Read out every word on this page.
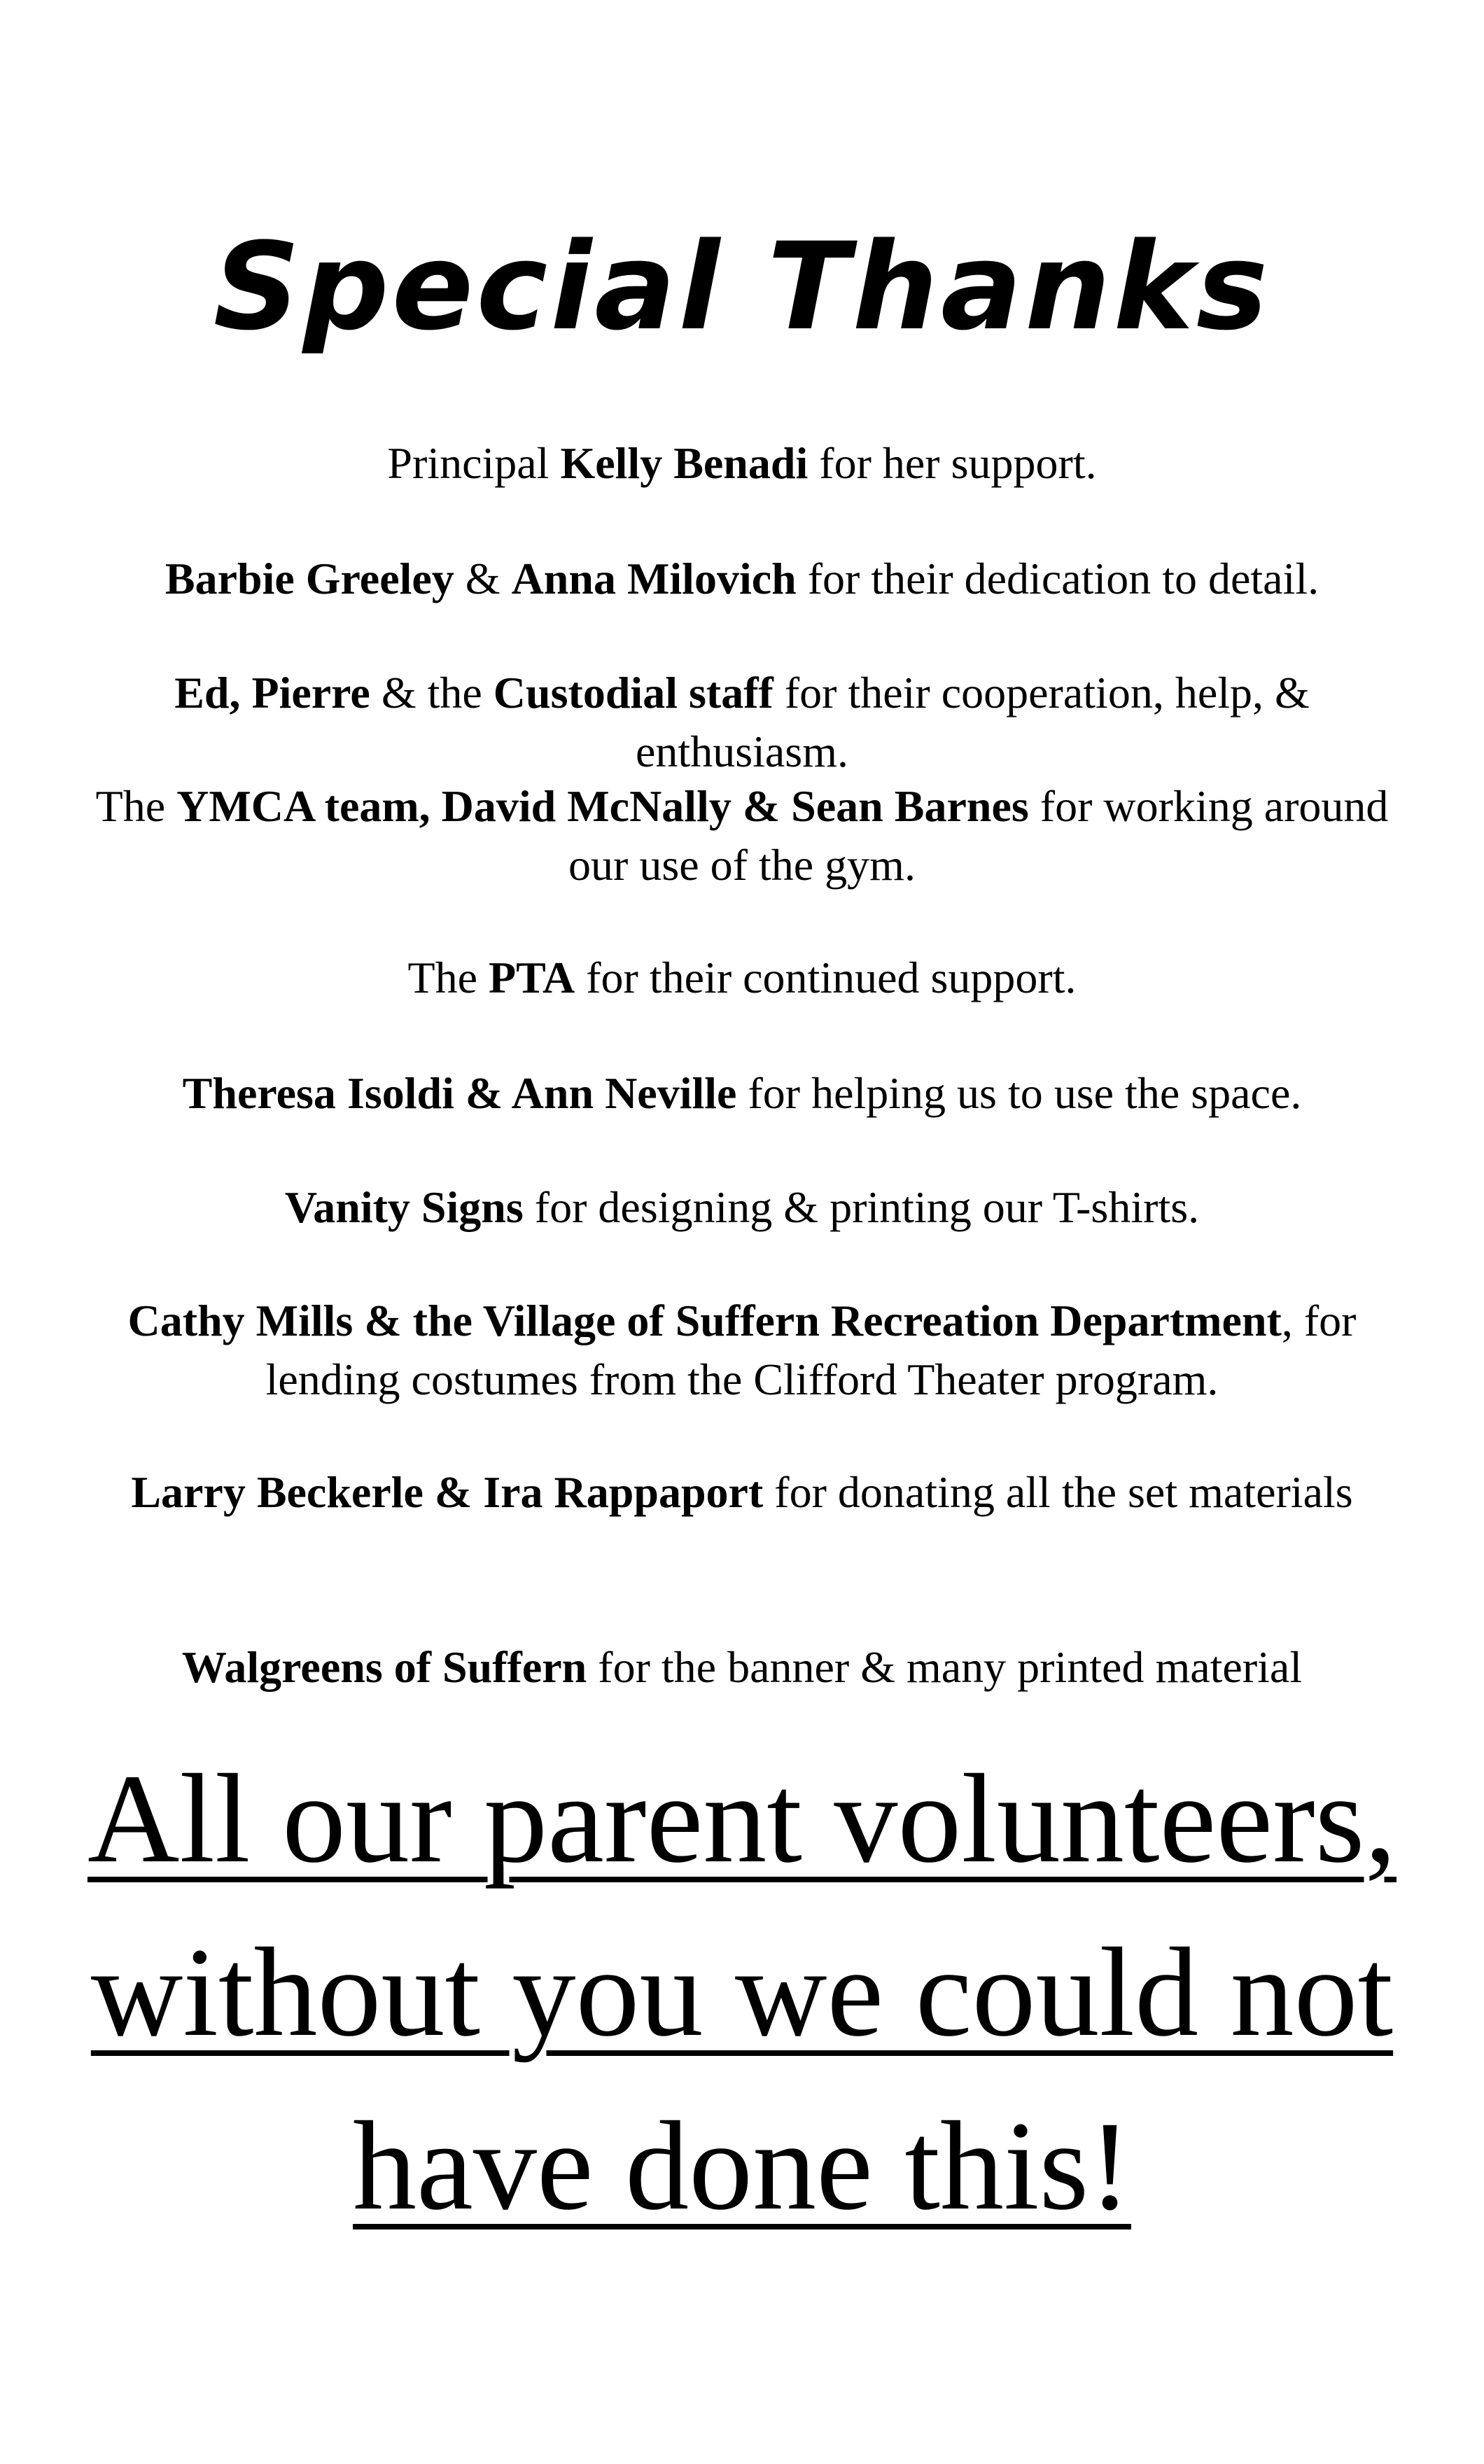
Special Thanks

Principal Kelly Benadi for her support.

Barbie Greeley & Anna Milovich for their dedication to detail.

Ed, Pierre & the Custodial staff for their cooperation, help, & enthusiasm.

The YMCA team, David McNally & Sean Barnes for working around our use of the gym.

The PTA for their continued support.

Theresa Isoldi & Ann Neville for helping us to use the space.

Vanity Signs for designing & printing our T-shirts.

Cathy Mills & the Village of Suffern Recreation Department, for lending costumes from the Clifford Theater program.

Larry Beckerle & Ira Rappaport for donating all the set materials

Walgreens of Suffern for the banner & many printed material

All our parent volunteers, without you we could not have done this!
